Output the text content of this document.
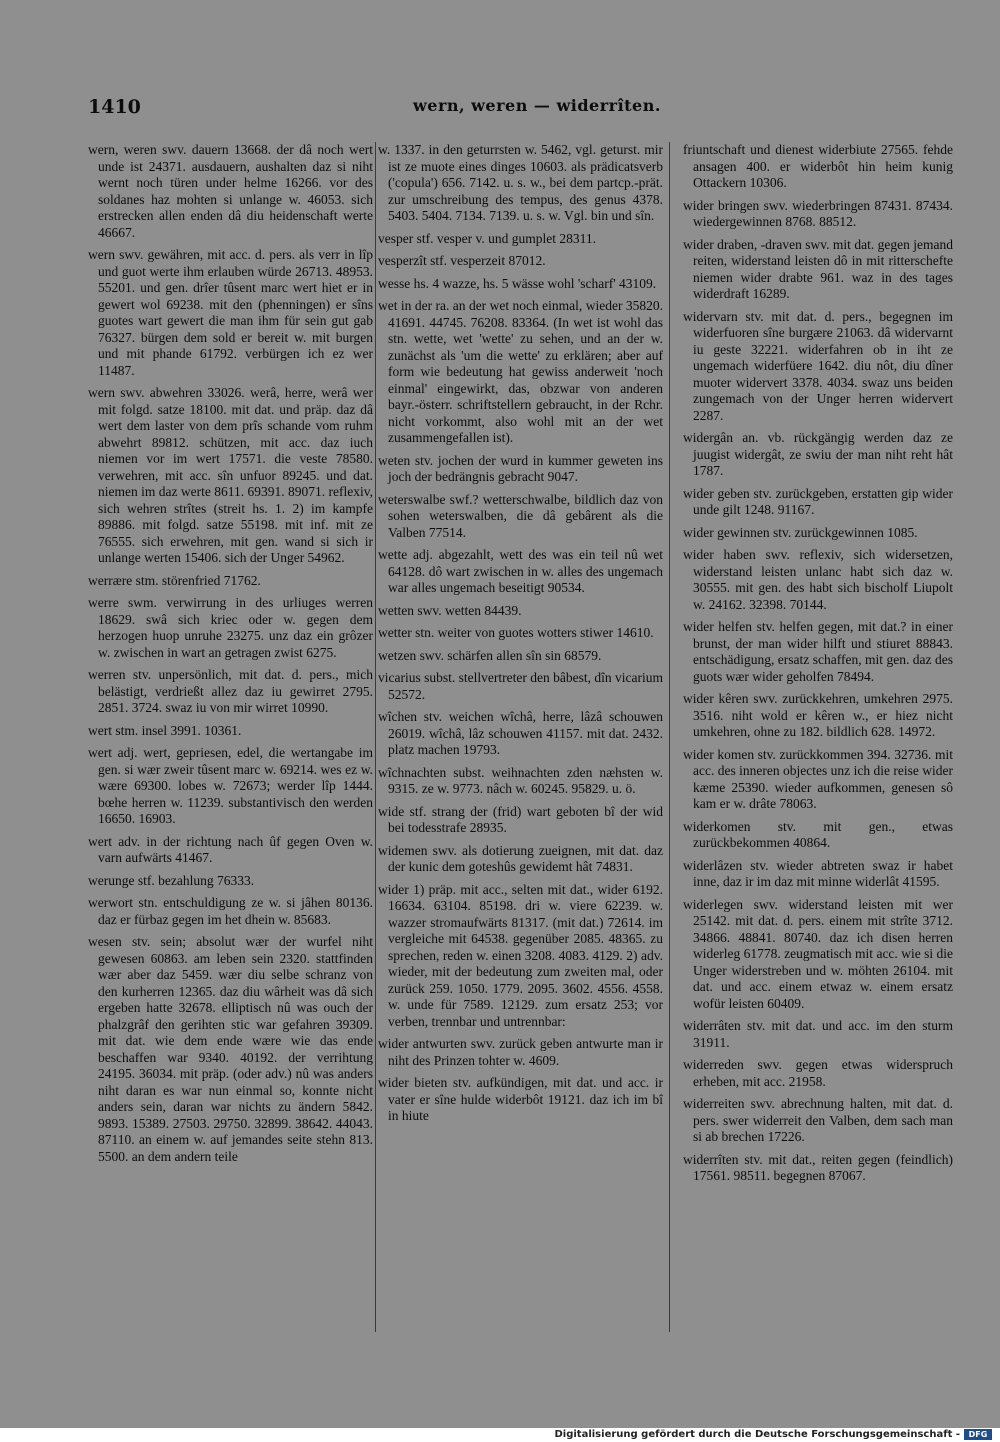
1410	wern, weren — widerrîten.

wern, weren swv. dauern 13668. der dâ noch wert unde ist 24371. ausdauern, aushalten daz si niht wernt noch türen under helme 16266. vor des soldanes haz mohten si unlange w. 46053. sich erstrecken allen enden dâ diu heidenschaft werte 46667.

wern swv. gewähren, mit acc. d. pers. als verr in lîp und guot werte ihm erlauben würde 26713. 48953. 55201. und gen. drîer tûsent marc wert hiet er in gewert wol 69238. mit den (phenningen) er sîns guotes wart gewert die man ihm für sein gut gab 76327. bürgen dem sold er bereit w. mit burgen und mit phande 61792. verbürgen ich ez wer 11487.

wern swv. abwehren 33026. werâ, herre, werâ wer mit folgd. satze 18100. mit dat. und präp. daz dâ wert dem laster von dem prîs schande vom ruhm abwehrt 89812. schützen, mit acc. daz iuch niemen vor im wert 17571. die veste 78580. verwehren, mit acc. sîn unfuor 89245. und dat. niemen im daz werte 8611. 69391. 89071. reflexiv, sich wehren strîtes (streit hs. 1. 2) im kampfe 89886. mit folgd. satze 55198. mit inf. mit ze 76555. sich erwehren, mit gen. wand si sich ir unlange werten 15406. sich der Unger 54962.

werrære stm. störenfried 71762.

werre swm. verwirrung in des urliuges werren 18629. swâ sich kriec oder w. gegen dem herzogen huop unruhe 23275. unz daz ein grôzer w. zwischen in wart an getragen zwist 6275.

werren stv. unpersönlich, mit dat. d. pers., mich belästigt, verdrießt allez daz iu gewirret 2795. 2851. 3724. swaz iu von mir wirret 10990.

wert stm. insel 3991. 10361.

wert adj. wert, gepriesen, edel, die wertangabe im gen. si wær zweir tûsent marc w. 69214. wes ez w. wære 69300. lobes w. 72673; werder lîp 1444. bœhe herren w. 11239. substantivisch den werden 16650. 16903.

wert adv. in der richtung nach ûf gegen Oven w. varn aufwärts 41467.

werunge stf. bezahlung 76333.

werwort stn. entschuldigung ze w. si jâhen 80136. daz er fürbaz gegen im het dhein w. 85683.

wesen stv. sein; absolut wær der wurfel niht gewesen 60863. am leben sein 2320. stattfinden wær aber daz 5459. wær diu selbe schranz von den kurherren 12365. daz diu wârheit was dâ sich ergeben hatte 32678. elliptisch nû was ouch der phalzgrâf den gerihten stic war gefahren 39309. mit dat. wie dem ende wære wie das ende beschaffen war 9340. 40192. der verrihtung 24195. 36034. mit präp. (oder adv.) nû was anders niht daran es war nun einmal so, konnte nicht anders sein, daran war nichts zu ändern 5842. 9893. 15389. 27503. 29750. 32899. 38642. 44043. 87110. an einem w. auf jemandes seite stehn 813. 5500. an dem andern teile

w. 1337. in den geturrsten w. 5462, vgl. geturst. mir ist ze muote eines dinges 10603. als prädicatsverb ('copula') 656. 7142. u. s. w., bei dem partcp.-prät. zur umschreibung des tempus, des genus 4378. 5403. 5404. 7134. 7139. u. s. w. Vgl. bin und sîn.

vesper stf. vesper v. und gumplet 28311.

vesperzît stf. vesperzeit 87012.

wesse hs. 4 wazze, hs. 5 wässe wohl 'scharf' 43109.

wet in der ra. an der wet noch einmal, wieder 35820. 41691. 44745. 76208. 83364. (In wet ist wohl das stn. wette, wet 'wette' zu sehen, und an der w. zunächst als 'um die wette' zu erklären; aber auf form wie bedeutung hat gewiss anderweit 'noch einmal' eingewirkt, das, obzwar von anderen bayr.-österr. schriftstellern gebraucht, in der Rchr. nicht vorkommt, also wohl mit an der wet zusammengefallen ist).

weten stv. jochen der wurd in kummer geweten ins joch der bedrängnis gebracht 9047.

weterswalbe swf.? wetterschwalbe, bildlich daz von sohen weterswalben, die dâ gebârent als die Valben 77514.

wette adj. abgezahlt, wett des was ein teil nû wet 64128. dô wart zwischen in w. alles des ungemach war alles ungemach beseitigt 90534.

wetten swv. wetten 84439.

wetter stn. weiter von guotes wotters stiwer 14610.

wetzen swv. schärfen allen sîn sin 68579.

vicarius subst. stellvertreter den bâbest, dîn vicarium 52572.

wîchen stv. weichen wîchâ, herre, lâzâ schouwen 26019. wîchâ, lâz schouwen 41157. mit dat. 2432. platz machen 19793.

wîchnachten subst. weihnachten zden næhsten w. 9315. ze w. 9773. nâch w. 60245. 95829. u. ö.

wide stf. strang der (frid) wart geboten bî der wid bei todesstrafe 28935.

widemen swv. als dotierung zueignen, mit dat. daz der kunic dem goteshûs gewidemt hât 74831.

wider 1) präp. mit acc., selten mit dat., wider 6192. 16634. 63104. 85198. dri w. viere 62239. w. wazzer stromaufwärts 81317. (mit dat.) 72614. im vergleiche mit 64538. gegenüber 2085. 48365. zu sprechen, reden w. einen 3208. 4083. 4129. 2) adv. wieder, mit der bedeutung zum zweiten mal, oder zurück 259. 1050. 1779. 2095. 3602. 4556. 4558. w. unde für 7589. 12129. zum ersatz 253; vor verben, trennbar und untrennbar:

wider antwurten swv. zurück geben antwurte man ir niht des Prinzen tohter w. 4609.

wider bieten stv. aufkündigen, mit dat. und acc. ir vater er sîne hulde widerbôt 19121. daz ich im bî in hiute

friuntschaft und dienest widerbiute 27565. fehde ansagen 400. er widerbôt hin heim kunig Ottackern 10306.

wider bringen swv. wiederbringen 87431. 87434. wiedergewinnen 8768. 88512.

wider draben, -draven swv. mit dat. gegen jemand reiten, widerstand leisten dô in mit ritterschefte niemen wider drabte 961. waz in des tages widerdraft 16289.

widervarn stv. mit dat. d. pers., begegnen im widerfuoren sîne burgære 21063. dâ widervarnt iu geste 32221. widerfahren ob in iht ze ungemach widerfüere 1642. diu nôt, diu dîner muoter widervert 3378. 4034. swaz uns beiden zungemach von der Unger herren widervert 2287.

widergân an. vb. rückgängig werden daz ze juugist widergât, ze swiu der man niht reht hât 1787.

wider geben stv. zurückgeben, erstatten gip wider unde gilt 1248. 91167.

wider gewinnen stv. zurückgewinnen 1085.

wider haben swv. reflexiv, sich widersetzen, widerstand leisten unlanc habt sich daz w. 30555. mit gen. des habt sich bischolf Liupolt w. 24162. 32398. 70144.

wider helfen stv. helfen gegen, mit dat.? in einer brunst, der man wider hilft und stiuret 88843. entschädigung, ersatz schaffen, mit gen. daz des guots wær wider geholfen 78494.

wider kêren swv. zurückkehren, umkehren 2975. 3516. niht wold er kêren w., er hiez nicht umkehren, ohne zu 182. bildlich 628. 14972.

wider komen stv. zurückkommen 394. 32736. mit acc. des inneren objectes unz ich die reise wider kæme 25390. wieder aufkommen, genesen sô kam er w. drâte 78063.

widerkomen stv. mit gen., etwas zurückbekommen 40864.

widerlâzen stv. wieder abtreten swaz ir habet inne, daz ir im daz mit minne widerlât 41595.

widerlegen swv. widerstand leisten mit wer 25142. mit dat. d. pers. einem mit strîte 3712. 34866. 48841. 80740. daz ich disen herren widerleg 61778. zeugmatisch mit acc. wie si die Unger widerstreben und w. möhten 26104. mit dat. und acc. einem etwaz w. einem ersatz wofür leisten 60409.

widerrâten stv. mit dat. und acc. im den sturm 31911.

widerreden swv. gegen etwas widerspruch erheben, mit acc. 21958.

widerreiten swv. abrechnung halten, mit dat. d. pers. swer widerreit den Valben, dem sach man si ab brechen 17226.

widerrîten stv. mit dat., reiten gegen (feindlich) 17561. 98511. begegnen 87067.

Digitalisierung gefördert durch die Deutsche Forschungsgemeinschaft -	DFG
